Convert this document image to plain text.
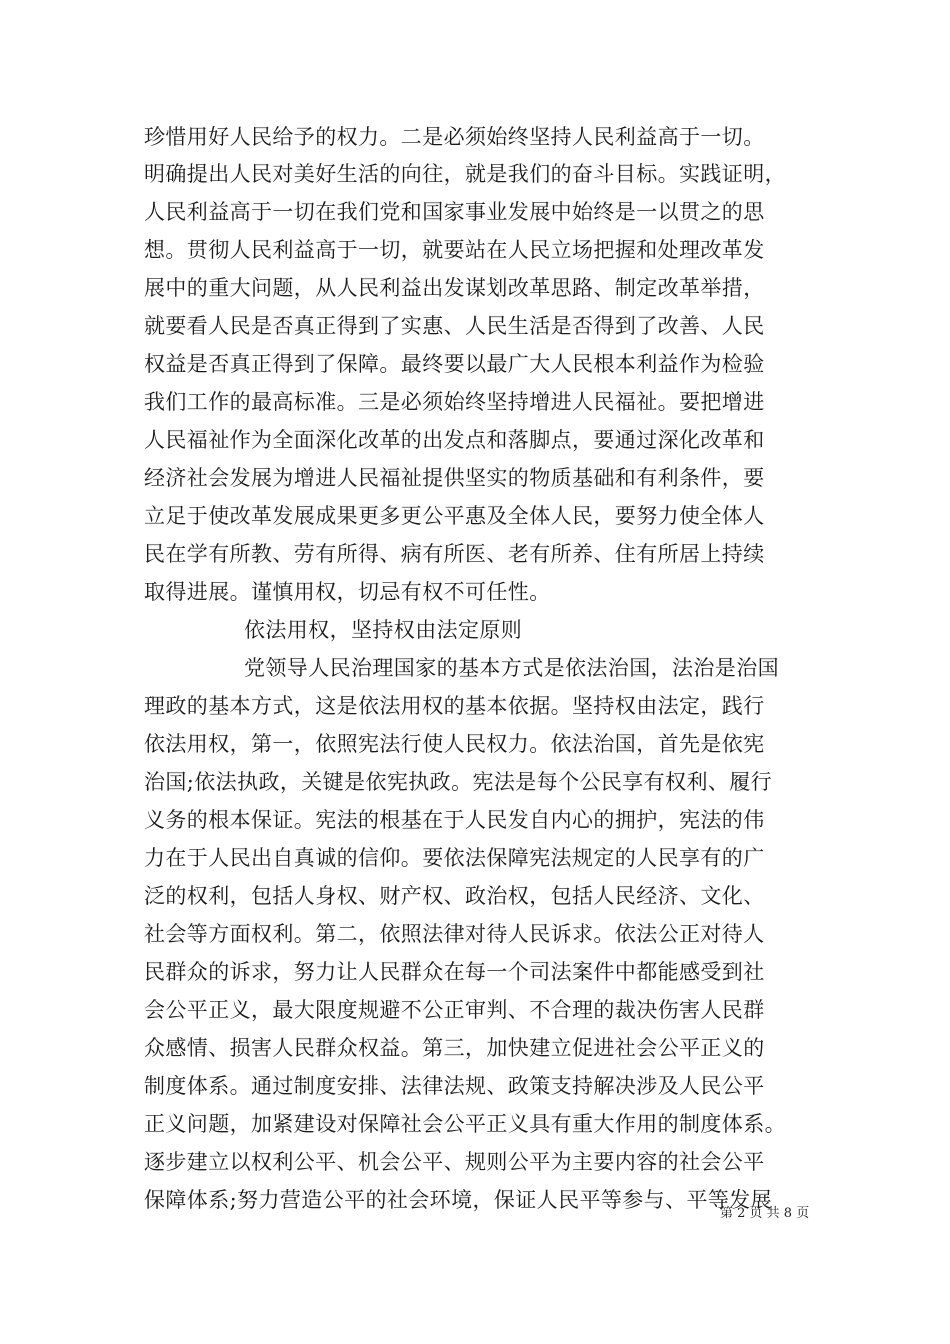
珍惜用好人民给予的权力。二是必须始终坚持人民利益高于一切。
明确提出人民对美好生活的向往，就是我们的奋斗目标。实践证明，
人民利益高于一切在我们党和国家事业发展中始终是一以贯之的思
想。贯彻人民利益高于一切，就要站在人民立场把握和处理改革发
展中的重大问题，从人民利益出发谋划改革思路、制定改革举措，
就要看人民是否真正得到了实惠、人民生活是否得到了改善、人民
权益是否真正得到了保障。最终要以最广大人民根本利益作为检验
我们工作的最高标准。三是必须始终坚持增进人民福祉。要把增进
人民福祉作为全面深化改革的出发点和落脚点，要通过深化改革和
经济社会发展为增进人民福祉提供坚实的物质基础和有利条件，要
立足于使改革发展成果更多更公平惠及全体人民，要努力使全体人
民在学有所教、劳有所得、病有所医、老有所养、住有所居上持续
取得进展。谨慎用权，切忌有权不可任性。
依法用权，坚持权由法定原则
党领导人民治理国家的基本方式是依法治国，法治是治国
理政的基本方式，这是依法用权的基本依据。坚持权由法定，践行
依法用权，第一，依照宪法行使人民权力。依法治国，首先是依宪
治国;依法执政，关键是依宪执政。宪法是每个公民享有权利、履行
义务的根本保证。宪法的根基在于人民发自内心的拥护，宪法的伟
力在于人民出自真诚的信仰。要依法保障宪法规定的人民享有的广
泛的权利，包括人身权、财产权、政治权，包括人民经济、文化、
社会等方面权利。第二，依照法律对待人民诉求。依法公正对待人
民群众的诉求，努力让人民群众在每一个司法案件中都能感受到社
会公平正义，最大限度规避不公正审判、不合理的裁决伤害人民群
众感情、损害人民群众权益。第三，加快建立促进社会公平正义的
制度体系。通过制度安排、法律法规、政策支持解决涉及人民公平
正义问题，加紧建设对保障社会公平正义具有重大作用的制度体系。
逐步建立以权利公平、机会公平、规则公平为主要内容的社会公平
保障体系;努力营造公平的社会环境，保证人民平等参与、平等发展
第 2 页 共 8 页
